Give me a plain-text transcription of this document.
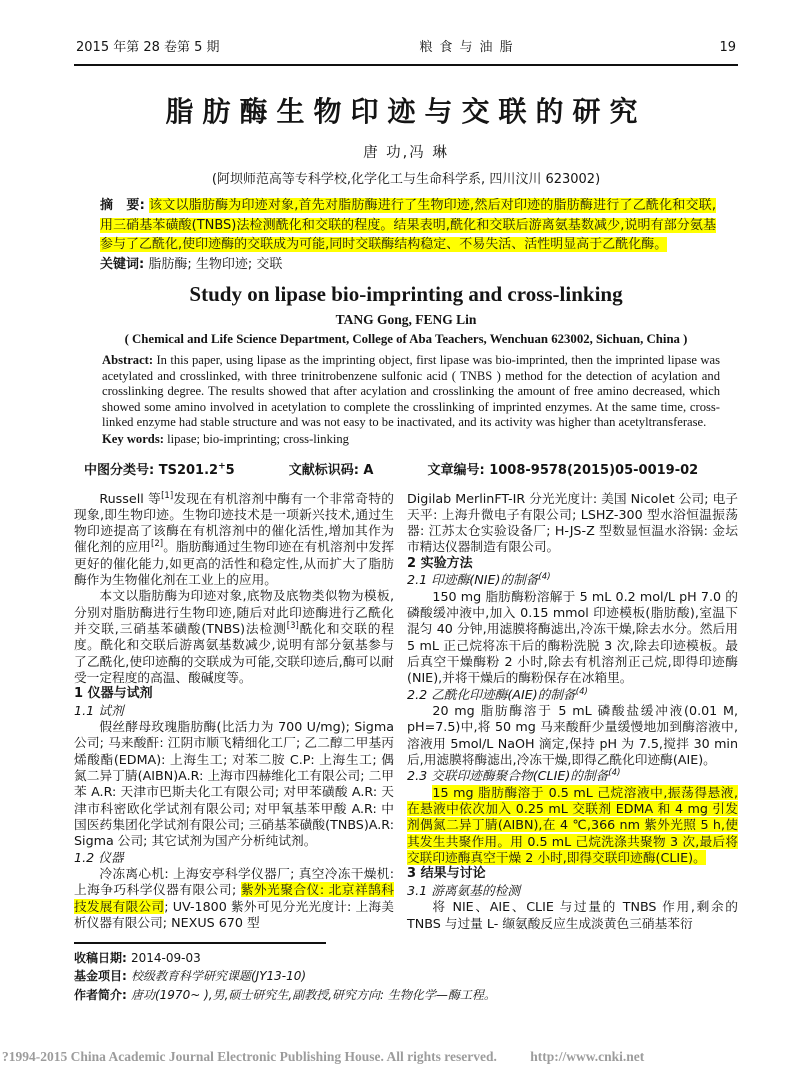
2015 年第 28 卷第 5 期	粮食与油脂	19
脂肪酶生物印迹与交联的研究
唐 功,冯 琳
(阿坝师范高等专科学校,化学化工与生命科学系, 四川汶川 623002)
摘　要: 该文以脂肪酶为印迹对象,首先对脂肪酶进行了生物印迹,然后对印迹的脂肪酶进行了乙酰化和交联,用三硝基苯磺酸(TNBS)法检测酰化和交联的程度。结果表明,酰化和交联后游离氨基数减少,说明有部分氨基参与了乙酰化,使印迹酶的交联成为可能,同时交联酶结构稳定、不易失活、活性明显高于乙酰化酶。
关键词: 脂肪酶; 生物印迹; 交联
Study on lipase bio-imprinting and cross-linking
TANG Gong, FENG Lin
( Chemical and Life Science Department, College of Aba Teachers, Wenchuan 623002, Sichuan, China )
Abstract: In this paper, using lipase as the imprinting object, first lipase was bio-imprinted, then the imprinted lipase was acetylated and crosslinked, with three trinitrobenzene sulfonic acid ( TNBS ) method for the detection of acylation and crosslinking degree. The results showed that after acylation and crosslinking the amount of free amino decreased, which showed some amino involved in acetylation to complete the crosslinking of imprinted enzymes. At the same time, cross-linked enzyme had stable structure and was not easy to be inactivated, and its activity was higher than acetyltransferase.
Key words: lipase; bio-imprinting; cross-linking
中图分类号: TS201.2+5	文献标识码: A	文章编号: 1008-9578(2015)05-0019-02

Russell 等[1]发现在有机溶剂中酶有一个非常奇特的现象,即生物印迹。生物印迹技术是一项新兴技术,通过生物印迹提高了该酶在有机溶剂中的催化活性,增加其作为催化剂的应用[2]。脂肪酶通过生物印迹在有机溶剂中发挥更好的催化能力,如更高的活性和稳定性,从而扩大了脂肪酶作为生物催化剂在工业上的应用。

本文以脂肪酶为印迹对象,底物及底物类似物为模板,分别对脂肪酶进行生物印迹,随后对此印迹酶进行乙酰化并交联,三硝基苯磺酸(TNBS)法检测[3]酰化和交联的程度。酰化和交联后游离氨基数减少,说明有部分氨基参与了乙酰化,使印迹酶的交联成为可能,交联印迹后,酶可以耐受一定程度的高温、酸碱度等。

1 仪器与试剂

1.1 试剂

假丝酵母玫瑰脂肪酶(比活力为 700 U/mg); Sigma 公司; 马来酸酐: 江阴市顺飞精细化工厂; 乙二醇二甲基丙烯酸酯(EDMA): 上海生工; 对苯二胺 C.P: 上海生工; 偶氮二异丁腈(AIBN)A.R: 上海市四赫维化工有限公司; 二甲苯 A.R: 天津市巴斯夫化工有限公司; 对甲苯磺酸 A.R: 天津市科密欧化学试剂有限公司; 对甲氧基苯甲酸 A.R: 中国医药集团化学试剂有限公司; 三硝基苯磺酸(TNBS)A.R: Sigma 公司; 其它试剂为国产分析纯试剂。

1.2 仪器

冷冻离心机: 上海安亭科学仪器厂; 真空冷冻干燥机: 上海争巧科学仪器有限公司; 紫外光聚合仪: 北京祥鹄科技发展有限公司; UV-1800 紫外可见分光光度计: 上海美析仪器有限公司; NEXUS 670 型

Digilab MerlinFT-IR 分光光度计: 美国 Nicolet 公司; 电子天平: 上海升微电子有限公司; LSHZ-300 型水浴恒温振荡器: 江苏太仓实验设备厂; H-JS-Z 型数显恒温水浴锅: 金坛市精达仪器制造有限公司。

2 实验方法

2.1 印迹酶(NIE)的制备$^{(4)}$

150 mg 脂肪酶粉溶解于 5 mL 0.2 mol/L pH 7.0 的磷酸缓冲液中,加入 0.15 mmol 印迹模板(脂肪酸),室温下混匀 40 分钟,用滤膜将酶滤出,冷冻干燥,除去水分。然后用 5 mL 正己烷将冻干后的酶粉洗脱 3 次,除去印迹模板。最后真空干燥酶粉 2 小时,除去有机溶剂正己烷,即得印迹酶(NIE),并将干燥后的酶粉保存在冰箱里。

2.2 乙酰化印迹酶(AIE)的制备$^{(4)}$

20 mg 脂肪酶溶于 5 mL 磷酸盐缓冲液(0.01 M, pH=7.5)中,将 50 mg 马来酸酐少量缓慢地加到酶溶液中,溶液用 5mol/L NaOH 滴定,保持 pH 为 7.5,搅拌 30 min 后,用滤膜将酶滤出,冷冻干燥,即得乙酰化印迹酶(AIE)。

2.3 交联印迹酶聚合物(CLIE)的制备$^{(4)}$

15 mg 脂肪酶溶于 0.5 mL 己烷溶液中,振荡得悬液,在悬液中依次加入 0.25 mL 交联剂 EDMA 和 4 mg 引发剂偶氮二异丁腈(AIBN),在 4 ℃,366 nm 紫外光照 5 h,使其发生共聚作用。用 0.5 mL 己烷洗涤共聚物 3 次,最后将交联印迹酶真空干燥 2 小时,即得交联印迹酶(CLIE)。

3 结果与讨论

3.1 游离氨基的检测

将 NIE、AIE、CLIE 与过量的 TNBS 作用,剩余的 TNBS 与过量 L- 缬氨酸反应生成淡黄色三硝基苯衍

收稿日期: 2014-09-03
基金项目: 校级教育科学研究课题(JY13-10)
作者简介: 唐功(1970~ ),男,硕士研究生,副教授,研究方向: 生物化学—酶工程。
?1994-2015 China Academic Journal Electronic Publishing House. All rights reserved. http://www.cnki.net
